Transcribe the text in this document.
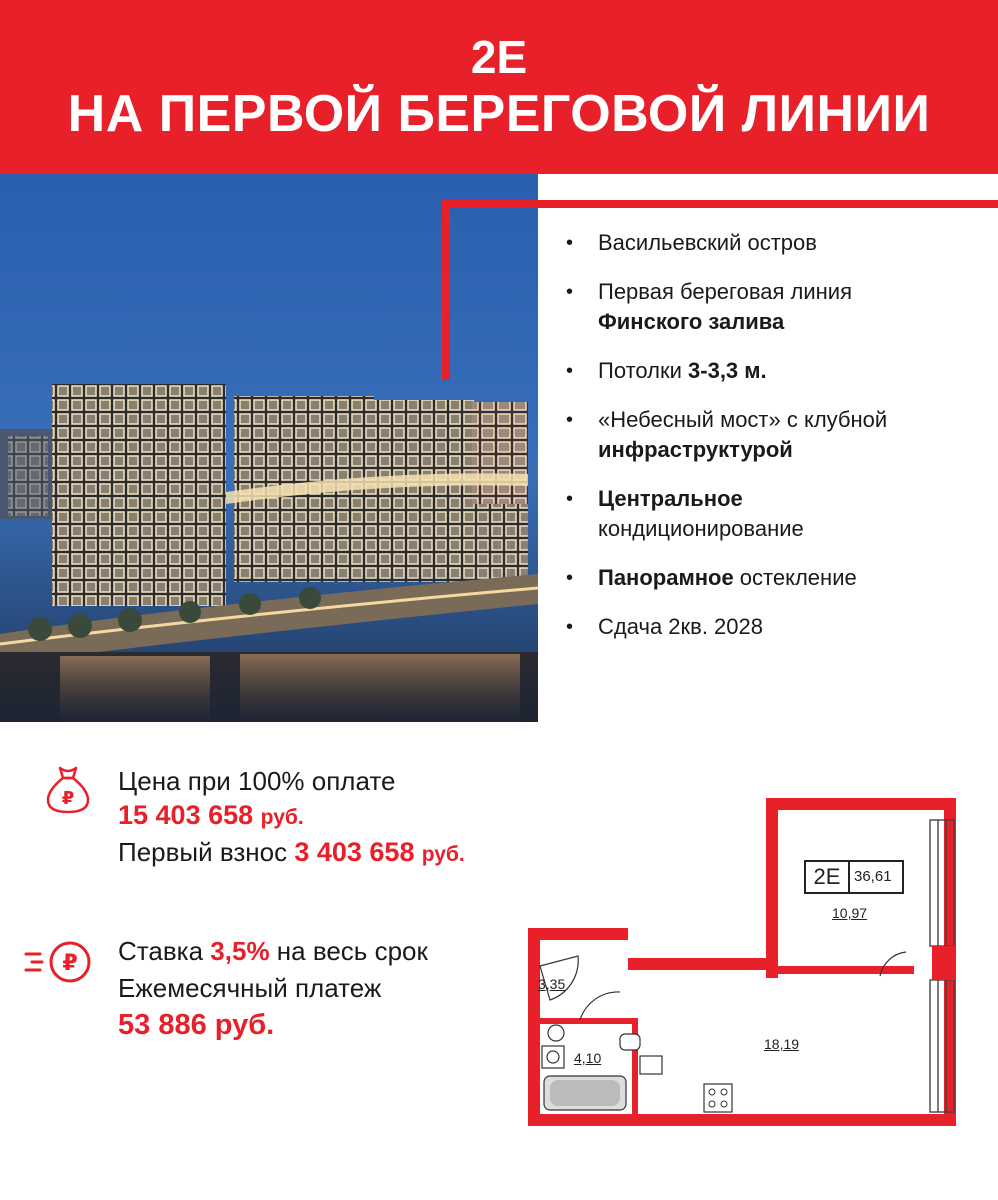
2Е
НА ПЕРВОЙ БЕРЕГОВОЙ ЛИНИИ
• Васильевский остров
• Первая береговая линия
Финского залива
• Потолки 3-3,3 м.
• «Небесный мост» с клубной
инфраструктурой
• Центральное
кондиционирование
• Панорамное остекление
• Сдача 2кв. 2028
₽
Цена при 100% оплате
15 403 658 руб.
Первый взнос 3 403 658 руб.
₽ Ставка 3,5% на весь срок
Ежемесячный платеж
53 886 руб.
2Е 36,61
10,97
3,35
4,10
18,19
